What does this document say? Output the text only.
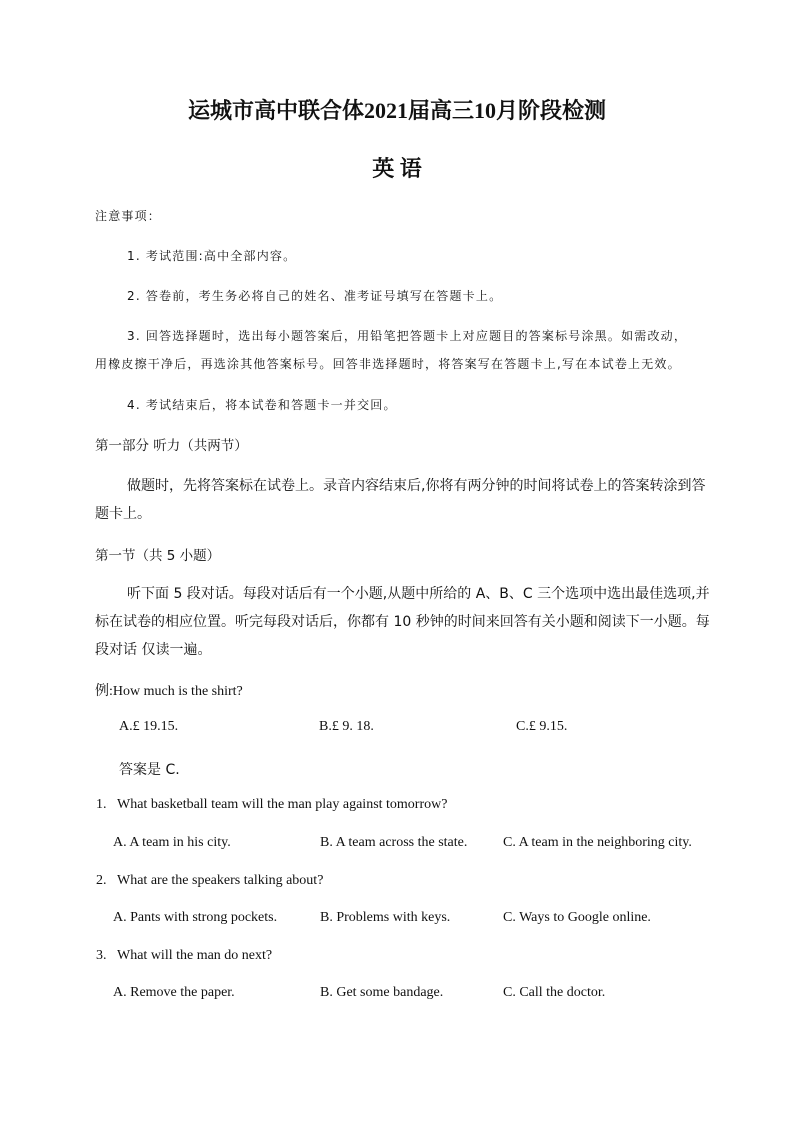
运城市高中联合体2021届高三10月阶段检测
英 语
注意事项：
1. 考试范围:高中全部内容。
2. 答卷前，考生务必将自己的姓名、准考证号填写在答题卡上。
3. 回答选择题时，选出每小题答案后，用铅笔把答题卡上对应题目的答案标号涂黑。如需改动，
用橡皮擦干净后，再选涂其他答案标号。回答非选择题时，将答案写在答题卡上,写在本试卷上无效。
4. 考试结束后，将本试卷和答题卡一并交回。
第一部分 听力（共两节）
做题时，先将答案标在试卷上。录音内容结束后,你将有两分钟的时间将试卷上的答案转涂到答
题卡上。
第一节（共 5 小题）
听下面 5 段对话。每段对话后有一个小题,从题中所给的 A、B、C 三个选项中选出最佳选项,并
标在试卷的相应位置。听完每段对话后，你都有 10 秒钟的时间来回答有关小题和阅读下一小题。每
段对话 仅读一遍。
例:How much is the shirt?
A.£ 19.15.	B.£ 9. 18.	C.£ 9.15.
答案是 C.
1. What basketball team will the man play against tomorrow?
A. A team in his city.	B. A team across the state.	C. A team in the neighboring city.
2. What are the speakers talking about?
A. Pants with strong pockets.	B. Problems with keys.	C. Ways to Google online.
3. What will the man do next?
A. Remove the paper.	B. Get some bandage.	C. Call the doctor.
